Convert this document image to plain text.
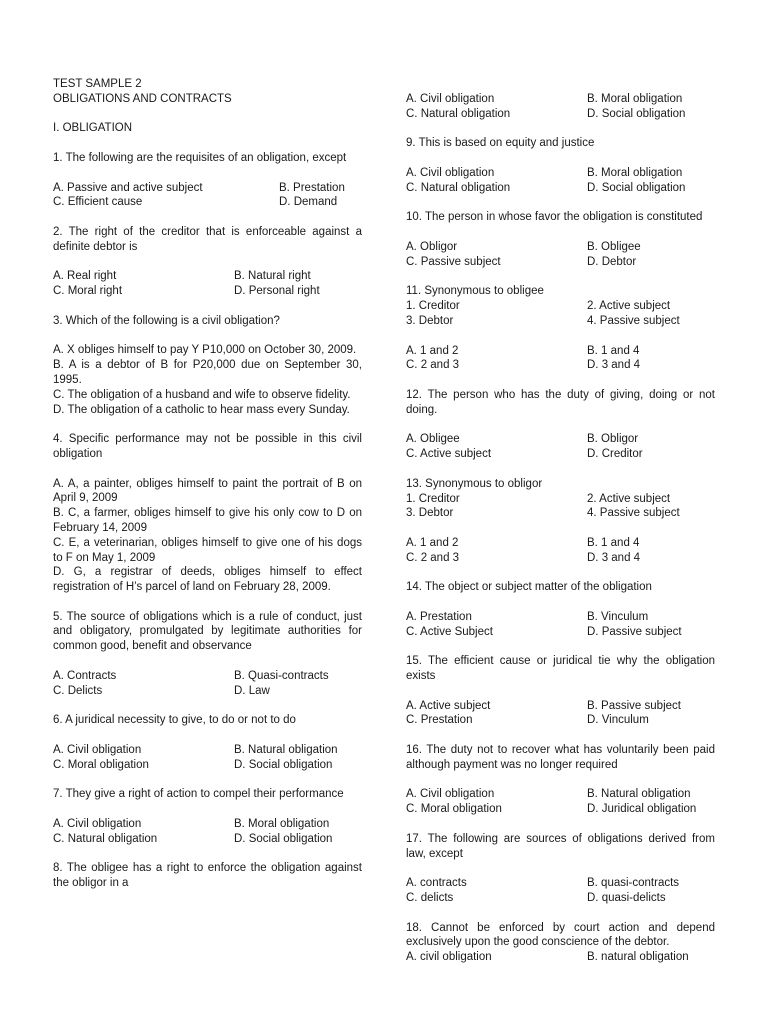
TEST SAMPLE 2

OBLIGATIONS AND CONTRACTS

I. OBLIGATION

1. The following are the requisites of an obligation, except

A. Passive and active subject	B. Prestation
C. Efficient cause	D. Demand

2. The right of the creditor that is enforceable against a definite debtor is

A. Real right	B. Natural right
C. Moral right	D. Personal right

3. Which of the following is a civil obligation?

A. X obliges himself to pay Y P10,000 on October 30, 2009.

B. A is a debtor of B for P20,000 due on September 30, 1995.

C. The obligation of a husband and wife to observe fidelity.

D. The obligation of a catholic to hear mass every Sunday.

4. Specific performance may not be possible in this civil obligation

A. A, a painter, obliges himself to paint the portrait of B on April 9, 2009

B. C, a farmer, obliges himself to give his only cow to D on February 14, 2009

C. E, a veterinarian, obliges himself to give one of his dogs to F on May 1, 2009

D. G, a registrar of deeds, obliges himself to effect registration of H’s parcel of land on February 28, 2009.

5. The source of obligations which is a rule of conduct, just and obligatory, promulgated by legitimate authorities for common good, benefit and observance

A. Contracts	B. Quasi-contracts
C. Delicts	D. Law

6. A juridical necessity to give, to do or not to do

A. Civil obligation	B. Natural obligation
C. Moral obligation	D. Social obligation

7. They give a right of action to compel their performance

A. Civil obligation	B. Moral obligation
C. Natural obligation	D. Social obligation

8. The obligee has a right to enforce the obligation against the obligor in a

A. Civil obligation	B. Moral obligation
C. Natural obligation	D. Social obligation

9. This is based on equity and justice

A. Civil obligation	B. Moral obligation
C. Natural obligation	D. Social obligation

10. The person in whose favor the obligation is constituted

A. Obligor	B. Obligee
C. Passive subject	D. Debtor

11. Synonymous to obligee

1. Creditor	2. Active subject
3. Debtor	4. Passive subject
A. 1 and 2	B. 1 and 4
C. 2 and 3	D. 3 and 4

12. The person who has the duty of giving, doing or not doing.

A. Obligee	B. Obligor
C. Active subject	D. Creditor

13. Synonymous to obligor

1. Creditor	2. Active subject
3. Debtor	4. Passive subject
A. 1 and 2	B. 1 and 4
C. 2 and 3	D. 3 and 4

14. The object or subject matter of the obligation

A. Prestation	B. Vinculum
C. Active Subject	D. Passive subject

15. The efficient cause or juridical tie why the obligation exists

A. Active subject	B. Passive subject
C. Prestation	D. Vinculum

16. The duty not to recover what has voluntarily been paid although payment was no longer required

A. Civil obligation	B. Natural obligation
C. Moral obligation	D. Juridical obligation

17. The following are sources of obligations derived from law, except

A. contracts	B. quasi-contracts
C. delicts	D. quasi-delicts

18. Cannot be enforced by court action and depend exclusively upon the good conscience of the debtor.

A. civil obligation	B. natural obligation
